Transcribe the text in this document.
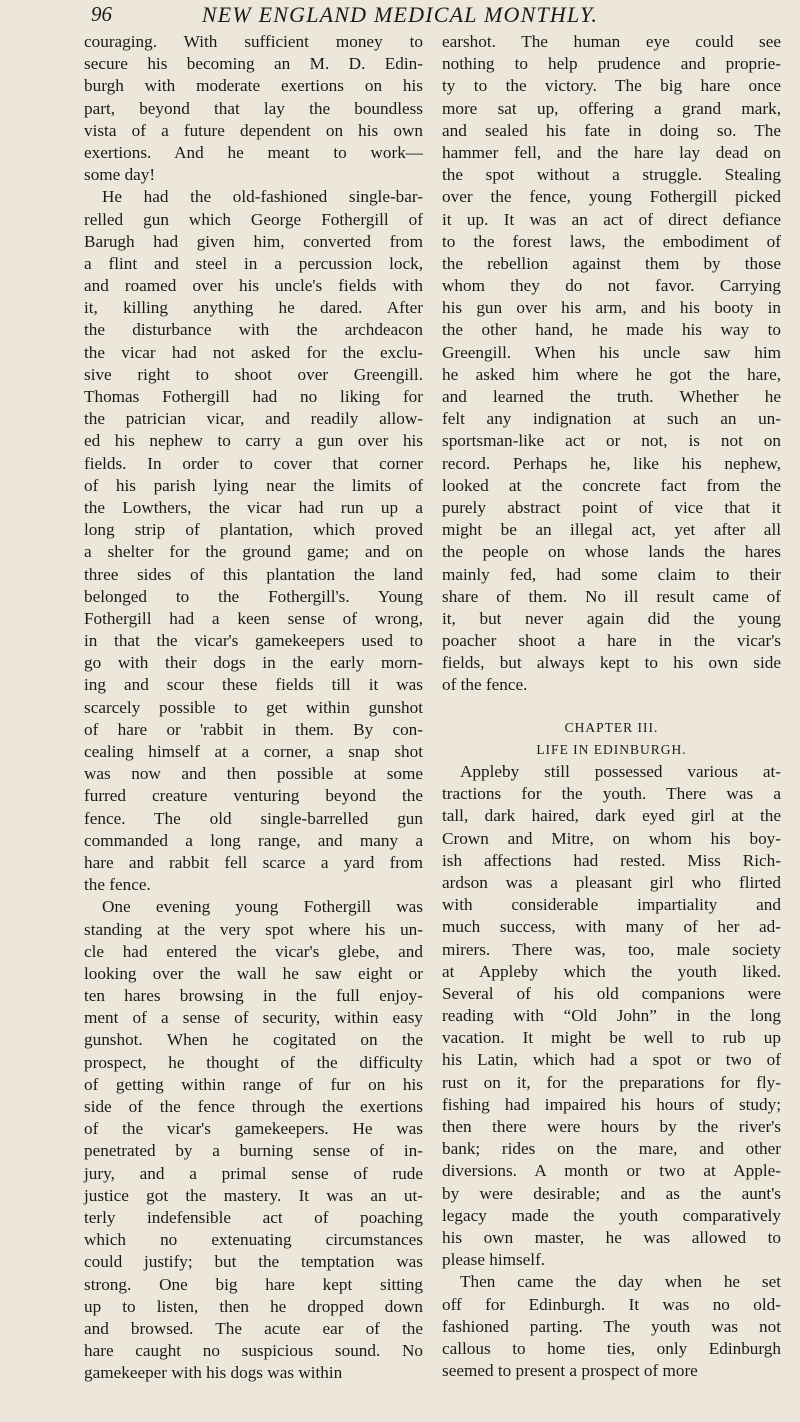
96	NEW ENGLAND MEDICAL MONTHLY.

couraging. With sufficient money to

secure his becoming an M. D. Edin-

burgh with moderate exertions on his

part, beyond that lay the boundless

vista of a future dependent on his own

exertions. And he meant to work—

some day!

He had the old-fashioned single-bar-

relled gun which George Fothergill of

Barugh had given him, converted from

a flint and steel in a percussion lock,

and roamed over his uncle's fields with

it, killing anything he dared. After

the disturbance with the archdeacon

the vicar had not asked for the exclu-

sive right to shoot over Greengill.

Thomas Fothergill had no liking for

the patrician vicar, and readily allow-

ed his nephew to carry a gun over his

fields. In order to cover that corner

of his parish lying near the limits of

the Lowthers, the vicar had run up a

long strip of plantation, which proved

a shelter for the ground game; and on

three sides of this plantation the land

belonged to the Fothergill's. Young

Fothergill had a keen sense of wrong,

in that the vicar's gamekeepers used to

go with their dogs in the early morn-

ing and scour these fields till it was

scarcely possible to get within gunshot

of hare or 'rabbit in them. By con-

cealing himself at a corner, a snap shot

was now and then possible at some

furred creature venturing beyond the

fence. The old single-barrelled gun

commanded a long range, and many a

hare and rabbit fell scarce a yard from

the fence.

One evening young Fothergill was

standing at the very spot where his un-

cle had entered the vicar's glebe, and

looking over the wall he saw eight or

ten hares browsing in the full enjoy-

ment of a sense of security, within easy

gunshot. When he cogitated on the

prospect, he thought of the difficulty

of getting within range of fur on his

side of the fence through the exertions

of the vicar's gamekeepers. He was

penetrated by a burning sense of in-

jury, and a primal sense of rude

justice got the mastery. It was an ut-

terly indefensible act of poaching

which no extenuating circumstances

could justify; but the temptation was

strong. One big hare kept sitting

up to listen, then he dropped down

and browsed. The acute ear of the

hare caught no suspicious sound. No

gamekeeper with his dogs was within

earshot. The human eye could see

nothing to help prudence and proprie-

ty to the victory. The big hare once

more sat up, offering a grand mark,

and sealed his fate in doing so. The

hammer fell, and the hare lay dead on

the spot without a struggle. Stealing

over the fence, young Fothergill picked

it up. It was an act of direct defiance

to the forest laws, the embodiment of

the rebellion against them by those

whom they do not favor. Carrying

his gun over his arm, and his booty in

the other hand, he made his way to

Greengill. When his uncle saw him

he asked him where he got the hare,

and learned the truth. Whether he

felt any indignation at such an un-

sportsman-like act or not, is not on

record. Perhaps he, like his nephew,

looked at the concrete fact from the

purely abstract point of vice that it

might be an illegal act, yet after all

the people on whose lands the hares

mainly fed, had some claim to their

share of them. No ill result came of

it, but never again did the young

poacher shoot a hare in the vicar's

fields, but always kept to his own side

of the fence.

CHAPTER III.
LIFE IN EDINBURGH.

Appleby still possessed various at-

tractions for the youth. There was a

tall, dark haired, dark eyed girl at the

Crown and Mitre, on whom his boy-

ish affections had rested. Miss Rich-

ardson was a pleasant girl who flirted

with considerable impartiality and

much success, with many of her ad-

mirers. There was, too, male society

at Appleby which the youth liked.

Several of his old companions were

reading with “Old John” in the long

vacation. It might be well to rub up

his Latin, which had a spot or two of

rust on it, for the preparations for fly-

fishing had impaired his hours of study;

then there were hours by the river's

bank; rides on the mare, and other

diversions. A month or two at Apple-

by were desirable; and as the aunt's

legacy made the youth comparatively

his own master, he was allowed to

please himself.

Then came the day when he set

off for Edinburgh. It was no old-

fashioned parting. The youth was not

callous to home ties, only Edinburgh

seemed to present a prospect of more
